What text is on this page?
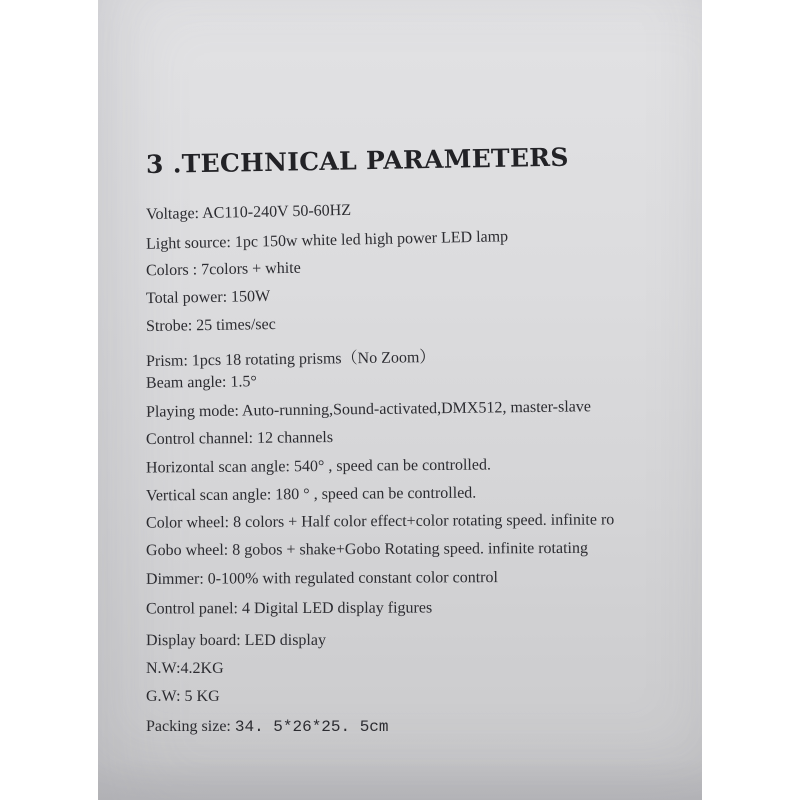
3 .TECHNICAL PARAMETERS
Voltage: AC110-240V 50-60HZ
Light source: 1pc 150w white led high power LED lamp
Colors : 7colors + white
Total power: 150W
Strobe: 25 times/sec
Prism: 1pcs 18 rotating prisms（No Zoom）
Beam angle: 1.5°
Playing mode: Auto-running,Sound-activated,DMX512, master-slave
Control channel: 12 channels
Horizontal scan angle: 540° , speed can be controlled.
Vertical scan angle: 180 ° , speed can be controlled.
Color wheel: 8 colors + Half color effect+color rotating speed. infinite ro
Gobo wheel: 8 gobos + shake+Gobo Rotating speed. infinite rotating
Dimmer: 0-100% with regulated constant color control
Control panel: 4 Digital LED display figures
Display board: LED display
N.W:4.2KG
G.W: 5 KG
Packing size: 34. 5*26*25. 5cm
